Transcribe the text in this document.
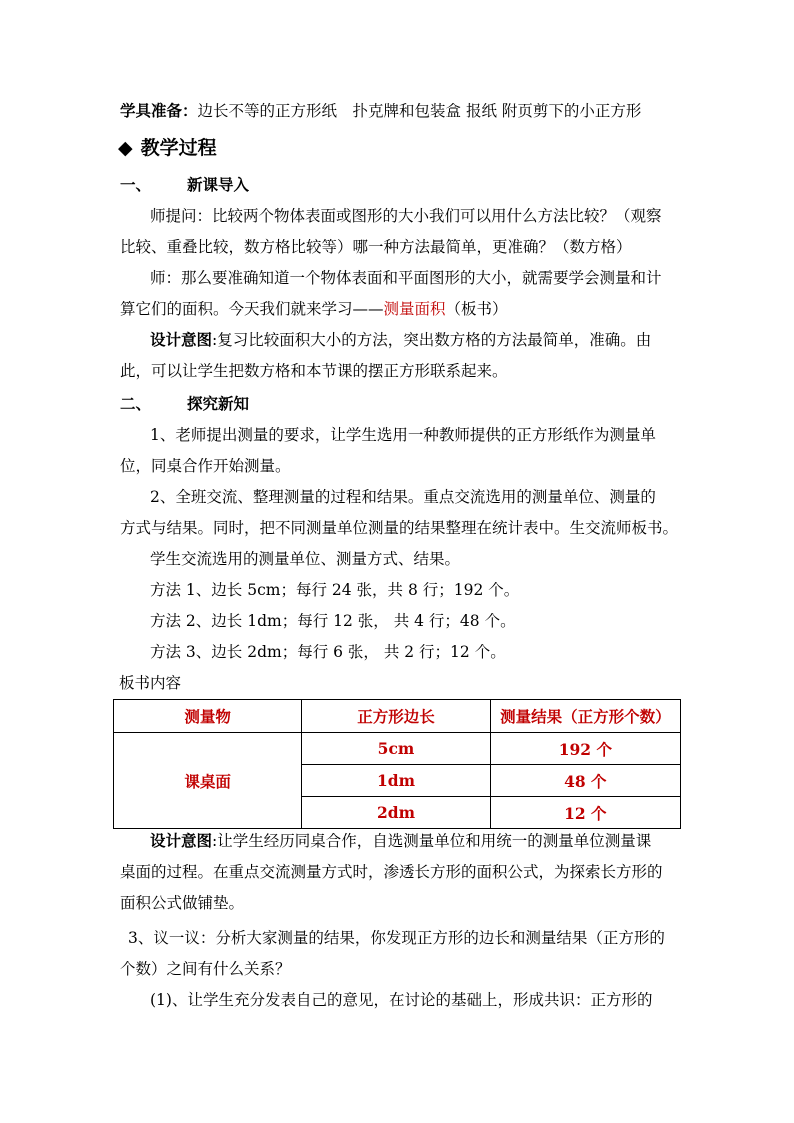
学具准备：边长不等的正方形纸　扑克牌和包装盒 报纸 附页剪下的小正方形
◆ 教学过程
一、 新课导入
师提问：比较两个物体表面或图形的大小我们可以用什么方法比较？（观察
比较、重叠比较，数方格比较等）哪一种方法最简单，更准确？（数方格）
师：那么要准确知道一个物体表面和平面图形的大小，就需要学会测量和计
算它们的面积。今天我们就来学习——测量面积（板书）
设计意图:复习比较面积大小的方法，突出数方格的方法最简单，准确。由
此，可以让学生把数方格和本节课的摆正方形联系起来。
二、 探究新知
1、老师提出测量的要求，让学生选用一种教师提供的正方形纸作为测量单
位，同桌合作开始测量。
2、全班交流、整理测量的过程和结果。重点交流选用的测量单位、测量的
方式与结果。同时，把不同测量单位测量的结果整理在统计表中。生交流师板书。
学生交流选用的测量单位、测量方式、结果。
方法 1、边长 5cm；每行 24 张，共 8 行；192 个。
方法 2、边长 1dm；每行 12 张， 共 4 行；48 个。
方法 3、边长 2dm；每行 6 张， 共 2 行；12 个。
板书内容
测量物	正方形边长	测量结果（正方形个数）
课桌面	5cm	192 个
	1dm	48 个
	2dm	12 个
设计意图:让学生经历同桌合作，自选测量单位和用统一的测量单位测量课
桌面的过程。在重点交流测量方式时，渗透长方形的面积公式，为探索长方形的
面积公式做铺垫。
3、议一议：分析大家测量的结果，你发现正方形的边长和测量结果（正方形的
个数）之间有什么关系？
(1)、让学生充分发表自己的意见，在讨论的基础上，形成共识：正方形的
